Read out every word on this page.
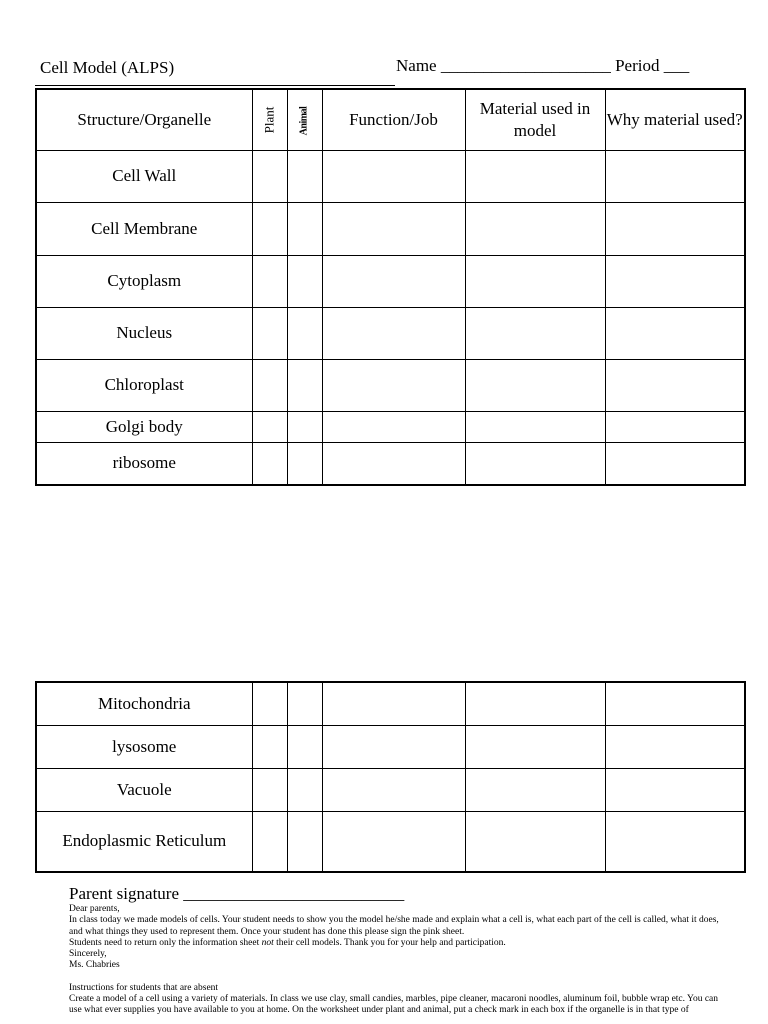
Cell Model (ALPS)	Name ____________________ Period ___
Structure/Organelle	Plant	Animal	Function/Job	Material used in model	Why material used?
Cell Wall					
Cell Membrane					
Cytoplasm					
Nucleus					
Chloroplast					
Golgi body					
ribosome					
Mitochondria					
lysosome					
Vacuole					
Endoplasmic Reticulum					

Parent signature __________________________

Dear parents,

In class today we made models of cells. Your student needs to show you the model he/she made and explain what a cell is, what each part of the cell is called, what it does, and what things they used to represent them. Once your student has done this please sign the pink sheet.

Students need to return only the information sheet not their cell models. Thank you for your help and participation.

Sincerely,

Ms. Chabries

Instructions for students that are absent

Create a model of a cell using a variety of materials. In class we use clay, small candies, marbles, pipe cleaner, macaroni noodles, aluminum foil, bubble wrap etc. You can use what ever supplies you have available to you at home. On the worksheet under plant and animal, put a check mark in each box if the organelle is in that type of
